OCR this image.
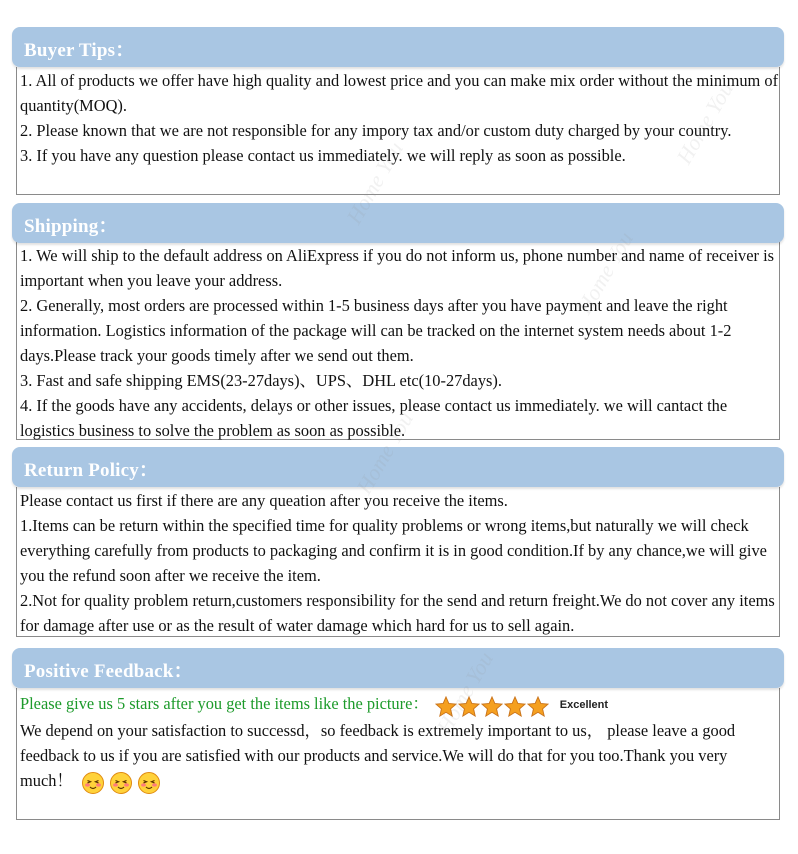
Buyer Tips：

1. All of products we offer have high quality and lowest price and you can make mix order without the minimum of quantity(MOQ).

2. Please known that we are not responsible for any impory tax and/or custom duty charged by your country.

3. If you have any question please contact us immediately. we will reply as soon as possible.

Shipping：

1. We will ship to the default address on AliExpress if you do not inform us, phone number and name of receiver is important when you leave your address.

2. Generally, most orders are processed within 1-5 business days after you have payment and leave the right information. Logistics information of the package will can be tracked on the internet system needs about 1-2 days.Please track your goods timely after we send out them.

3. Fast and safe shipping EMS(23-27days)、UPS、DHL etc(10-27days).

4. If the goods have any accidents, delays or other issues, please contact us immediately. we will cantact the logistics business to solve the problem as soon as possible.

Return Policy：

Please contact us first if there are any queation after you receive the items.

1.Items can be return within the specified time for quality problems or wrong items,but naturally we will check everything carefully from products to packaging and confirm it is in good condition.If by any chance,we will give you the refund soon after we receive the item.

2.Not for quality problem return,customers responsibility for the send and return freight.We do not cover any items for damage after use or as the result of water damage which hard for us to sell again.

Positive Feedback：

Please give us 5 stars after you get the items like the picture：	Excellent

We depend on your satisfaction to successd，so feedback is extremely important to us， please leave a good feedback to us if you are satisfied with our products and service.We will do that for you too.Thank you very much！
